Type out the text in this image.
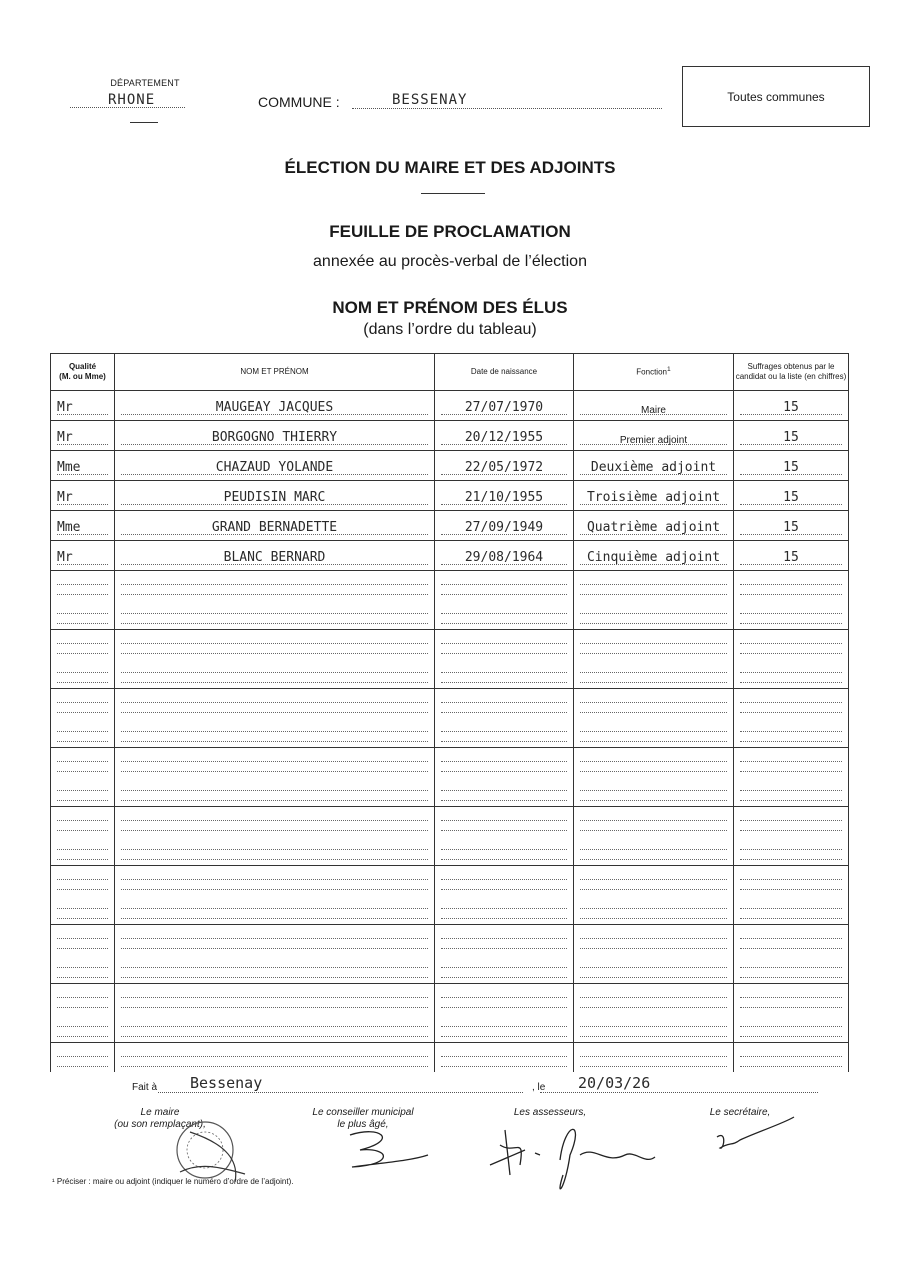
DÉPARTEMENT
RHONE	COMMUNE :	BESSENAY	Toutes communes
ÉLECTION DU MAIRE ET DES ADJOINTS
FEUILLE DE PROCLAMATION
annexée au procès-verbal de l’élection
NOM ET PRÉNOM DES ÉLUS
(dans l’ordre du tableau)
Qualité
(M. ou Mme)	NOM ET PRÉNOM	Date de naissance	Fonction$^1$	Suffrages obtenus par le candidat ou la liste (en chiffres)

Mr	MAUGEAY JACQUES	27/07/1970	Maire	15

Mr	BORGOGNO THIERRY	20/12/1955	Premier adjoint	15

Mme	CHAZAUD YOLANDE	22/05/1972	Deuxième adjoint	15

Mr	PEUDISIN MARC	21/10/1955	Troisième adjoint	15

Mme	GRAND BERNADETTE	27/09/1949	Quatrième adjoint	15

Mr	BLANC BERNARD	29/08/1964	Cinquième adjoint	15

Fait à Bessenay	, le 20/03/26
Le maire
(ou son remplaçant),
Le conseiller municipal
le plus âgé,
Les assesseurs,	Le secrétaire,
¹ Préciser : maire ou adjoint (indiquer le numéro d’ordre de l’adjoint).
